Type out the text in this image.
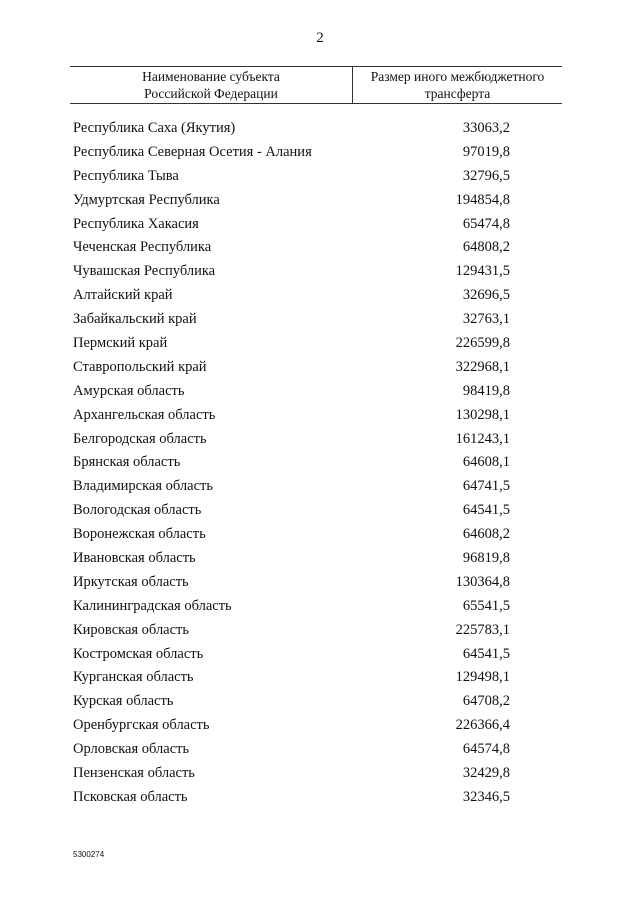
2
Наименование субъекта
Российской Федерации
Размер иного межбюджетного
трансферта
Республика Саха (Якутия)	33063,2
Республика Северная Осетия - Алания	97019,8
Республика Тыва	32796,5
Удмуртская Республика	194854,8
Республика Хакасия	65474,8
Чеченская Республика	64808,2
Чувашская Республика	129431,5
Алтайский край	32696,5
Забайкальский край	32763,1
Пермский край	226599,8
Ставропольский край	322968,1
Амурская область	98419,8
Архангельская область	130298,1
Белгородская область	161243,1
Брянская область	64608,1
Владимирская область	64741,5
Вологодская область	64541,5
Воронежская область	64608,2
Ивановская область	96819,8
Иркутская область	130364,8
Калининградская область	65541,5
Кировская область	225783,1
Костромская область	64541,5
Курганская область	129498,1
Курская область	64708,2
Оренбургская область	226366,4
Орловская область	64574,8
Пензенская область	32429,8
Псковская область	32346,5
5300274
